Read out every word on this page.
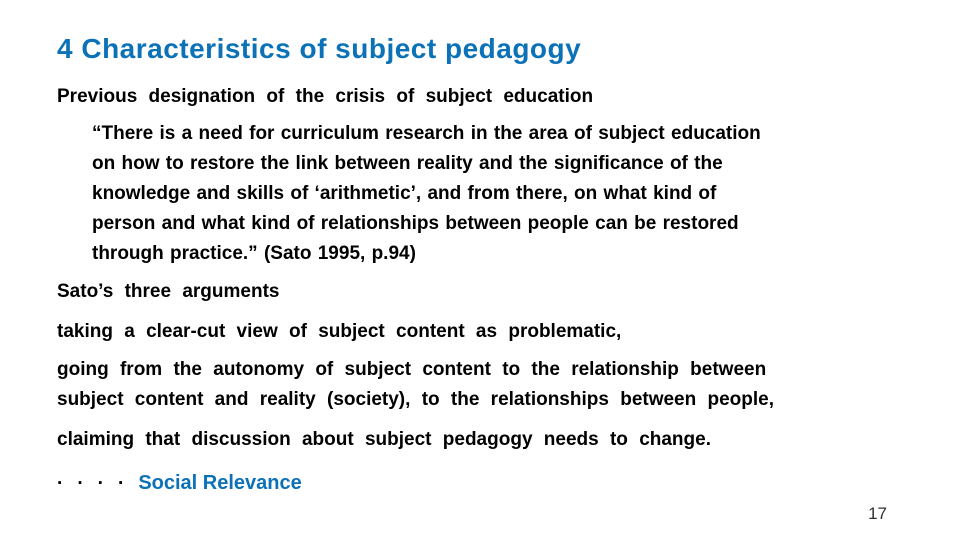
4 Characteristics of subject pedagogy

Previous designation of the crisis of subject education

“There is a need for curriculum research in the area of subject education
on how to restore the link between reality and the significance of the
knowledge and skills of ‘arithmetic’, and from there, on what kind of
person and what kind of relationships between people can be restored
through practice.” (Sato 1995, p.94)

Sato’s three arguments

taking a clear-cut view of subject content as problematic,

going from the autonomy of subject content to the relationship between
subject content and reality (society), to the relationships between people,

claiming that discussion about subject pedagogy needs to change.

····Social Relevance

17
